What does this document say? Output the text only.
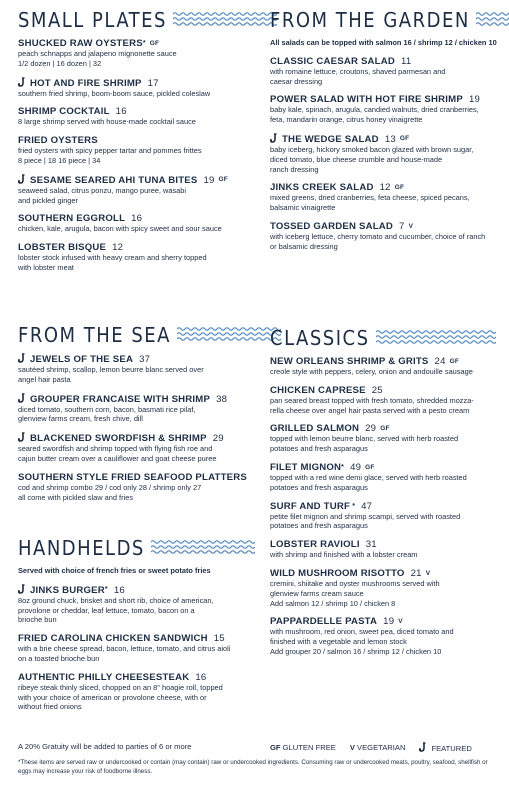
SMALL PLATES
SHUCKED RAW OYSTERS* $^{GF}$
peach schnapps and jalapeno mignonette sauce
1/2 dozen | 16 dozen | 32
HOT AND FIRE SHRIMP 17
southern fried shrimp, boom-boom sauce, pickled coleslaw
SHRIMP COCKTAIL 16
8 large shrimp served with house-made cocktail sauce
FRIED OYSTERS
fried oysters with spicy pepper tartar and pommes frittes
8 piece | 18 16 piece | 34
SESAME SEARED AHI TUNA BITES 19 $^{GF}$
seaweed salad, citrus ponzu, mango puree, wasabi
and pickled ginger
SOUTHERN EGGROLL 16
chicken, kale, arugula, bacon with spicy sweet and sour sauce
LOBSTER BISQUE 12
lobster stock infused with heavy cream and sherry topped
with lobster meat
FROM THE GARDEN
All salads can be topped with salmon 16 / shrimp 12 / chicken 10
CLASSIC CAESAR SALAD 11
with romaine lettuce, croutons, shaved parmesan and
caesar dressing
POWER SALAD WITH HOT FIRE SHRIMP 19
baby kale, spinach, arugula, candied walnuts, dried cranberries,
feta, mandarin orange, citrus honey vinaigrette
THE WEDGE SALAD 13 $^{GF}$
baby iceberg, hickory smoked bacon glazed with brown sugar,
diced tomato, blue cheese crumble and house-made
ranch dressing
JINKS CREEK SALAD 12 $^{GF}$
mixed greens, dried cranberries, feta cheese, spiced pecans,
balsamic vinaigrette
TOSSED GARDEN SALAD 7 $^V$
with iceberg lettuce, cherry tomato and cucumber, choice of ranch
or balsamic dressing
FROM THE SEA
JEWELS OF THE SEA 37
sautéed shrimp, scallop, lemon beurre blanc served over
angel hair pasta
GROUPER FRANCAISE WITH SHRIMP 38
diced tomato, southern corn, bacon, basmati rice pilaf,
glenview farms cream, fresh chive, dill
BLACKENED SWORDFISH & SHRIMP 29
seared swordfish and shrimp topped with flying fish roe and
cajun butter cream over a cauliflower and goat cheese puree
SOUTHERN STYLE FRIED SEAFOOD PLATTERS
cod and shrimp combo 29 / cod only 28 / shrimp only 27
all come with pickled slaw and fries
HANDHELDS
Served with choice of french fries or sweet potato fries
JINKS BURGER* 16
8oz ground chuck, brisket and short rib, choice of american,
provolone or cheddar, leaf lettuce, tomato, bacon on a
brioche bun
FRIED CAROLINA CHICKEN SANDWICH 15
with a brie cheese spread, bacon, lettuce, tomato, and citrus aioli
on a toasted brioche bun
AUTHENTIC PHILLY CHEESESTEAK 16
ribeye steak thinly sliced, chopped on an 8" hoagie roll, topped
with your choice of american or provolone cheese, with or
without fried onions
CLASSICS
NEW ORLEANS SHRIMP & GRITS 24 $^{GF}$
creole style with peppers, celery, onion and andouille sausage
CHICKEN CAPRESE 25
pan seared breast topped with fresh tomato, shredded mozza-
rella cheese over angel hair pasta served with a pesto cream
GRILLED SALMON 29 $^{GF}$
topped with lemon beurre blanc, served with herb roasted
potatoes and fresh asparagus
FILET MIGNON* 49 $^{GF}$
topped with a red wine demi glace, served with herb roasted
potatoes and fresh asparagus
SURF AND TURF * 47
petite filet mignon and shrimp scampi, served with roasted
potatoes and fresh asparagus
LOBSTER RAVIOLI 31
with shrimp and finished with a lobster cream
WILD MUSHROOM RISOTTO 21 $^V$
cremini, shiitake and oyster mushrooms served with
glenview farms cream sauce
Add salmon 12 / shrimp 10 / chicken 8
PAPPARDELLE PASTA 19 $^V$
with mushroom, red onion, sweet pea, diced tomato and
finished with a vegetable and lemon stock
Add grouper 20 / salmon 16 / shrimp 12 / chicken 10
A 20% Gratuity will be added to parties of 6 or more	GF GLUTEN FREE V VEGETARIAN	FEATURED
*These items are served raw or undercooked or contain (may contain) raw or undercooked ingredients. Consuming raw or undercooked meats, poultry, seafood, shellfish or eggs may increase your risk of foodborne illness.
